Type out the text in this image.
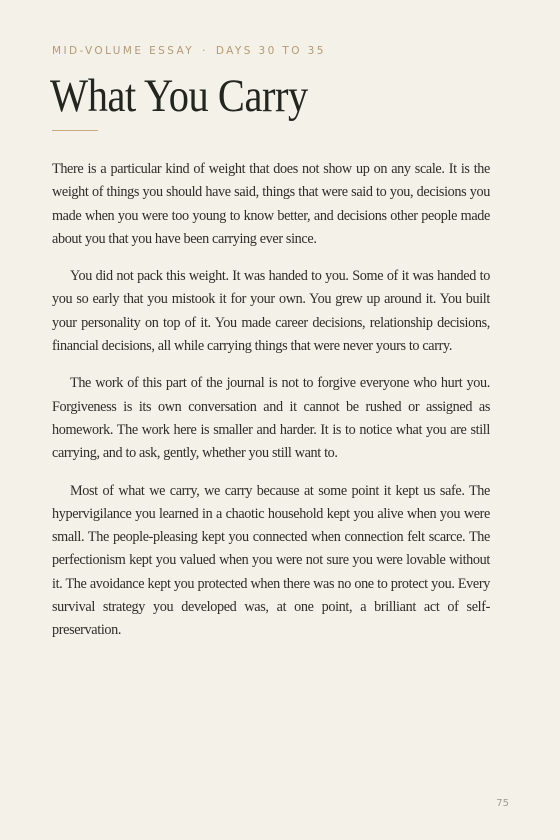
MID-VOLUME ESSAY · DAYS 30 TO 35
What You Carry

There is a particular kind of weight that does not show up on any scale. It is the weight of things you should have said, things that were said to you, decisions you made when you were too young to know better, and decisions other people made about you that you have been carrying ever since.

You did not pack this weight. It was handed to you. Some of it was handed to you so early that you mistook it for your own. You grew up around it. You built your personality on top of it. You made career decisions, relationship decisions, financial decisions, all while carrying things that were never yours to carry.

The work of this part of the journal is not to forgive everyone who hurt you. Forgiveness is its own conversation and it cannot be rushed or assigned as homework. The work here is smaller and harder. It is to notice what you are still carrying, and to ask, gently, whether you still want to.

Most of what we carry, we carry because at some point it kept us safe. The hypervigilance you learned in a chaotic household kept you alive when you were small. The people-pleasing kept you connected when connection felt scarce. The perfectionism kept you valued when you were not sure you were lovable without it. The avoidance kept you protected when there was no one to protect you. Every survival strategy you developed was, at one point, a brilliant act of self-preservation.

75
